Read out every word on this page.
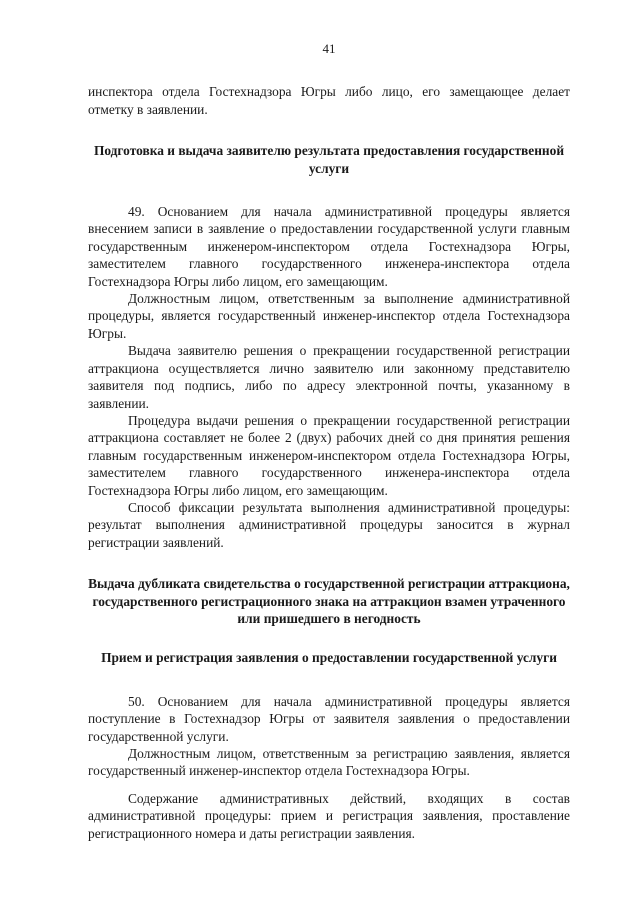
41

инспектора отдела Гостехнадзора Югры либо лицо, его замещающее делает отметку в заявлении.

Подготовка и выдача заявителю результата предоставления государственной услуги

49. Основанием для начала административной процедуры является внесением записи в заявление о предоставлении государственной услуги главным государственным инженером-инспектором отдела Гостехнадзора Югры, заместителем главного государственного инженера-инспектора отдела Гостехнадзора Югры либо лицом, его замещающим.

Должностным лицом, ответственным за выполнение административной процедуры, является государственный инженер-инспектор отдела Гостехнадзора Югры.

Выдача заявителю решения о прекращении государственной регистрации аттракциона осуществляется лично заявителю или законному представителю заявителя под подпись, либо по адресу электронной почты, указанному в заявлении.

Процедура выдачи решения о прекращении государственной регистрации аттракциона составляет не более 2 (двух) рабочих дней со дня принятия решения главным государственным инженером-инспектором отдела Гостехнадзора Югры, заместителем главного государственного инженера-инспектора отдела Гостехнадзора Югры либо лицом, его замещающим.

Способ фиксации результата выполнения административной процедуры: результат выполнения административной процедуры заносится в журнал регистрации заявлений.

Выдача дубликата свидетельства о государственной регистрации аттракциона, государственного регистрационного знака на аттракцион взамен утраченного или пришедшего в негодность

Прием и регистрация заявления о предоставлении государственной услуги

50. Основанием для начала административной процедуры является поступление в Гостехнадзор Югры от заявителя заявления о предоставлении государственной услуги.

Должностным лицом, ответственным за регистрацию заявления, является государственный инженер-инспектор отдела Гостехнадзора Югры.

Содержание административных действий, входящих в состав административной процедуры: прием и регистрация заявления, проставление регистрационного номера и даты регистрации заявления.
